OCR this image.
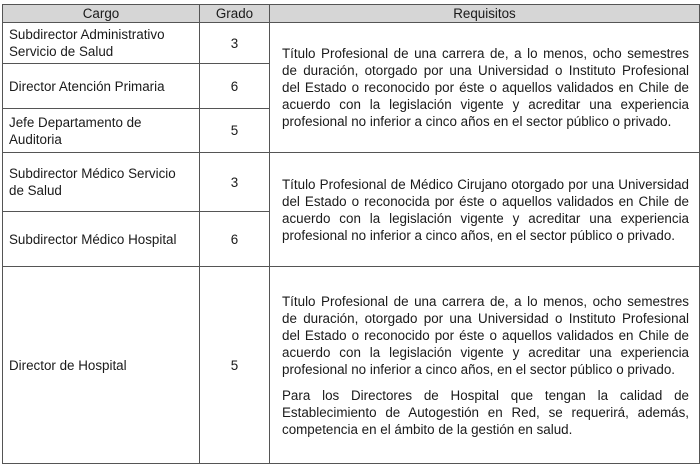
Cargo	Grado	Requisitos
Subdirector Administrativo Servicio de Salud	3	Título Profesional de una carrera de, a lo menos, ocho semestres de duración, otorgado por una Universidad o Instituto Profesional del Estado o reconocido por éste o aquellos validados en Chile de acuerdo con la legislación vigente y acreditar una experiencia profesional no inferior a cinco años en el sector público o privado.

Director Atención Primaria	6	
Jefe Departamento de Auditoria	5	
Subdirector Médico Servicio de Salud	3	Título Profesional de Médico Cirujano otorgado por una Universidad del Estado o reconocida por éste o aquellos validados en Chile de acuerdo con la legislación vigente y acreditar una experiencia profesional no inferior a cinco años, en el sector público o privado.

Subdirector Médico Hospital	6	
Director de Hospital	5	Título Profesional de una carrera de, a lo menos, ocho semestres de duración, otorgado por una Universidad o Instituto Profesional del Estado o reconocido por éste o aquellos validados en Chile de acuerdo con la legislación vigente y acreditar una experiencia profesional no inferior a cinco años, en el sector público o privado.

Para los Directores de Hospital que tengan la calidad de Establecimiento de Autogestión en Red, se requerirá, además, competencia en el ámbito de la gestión en salud.
